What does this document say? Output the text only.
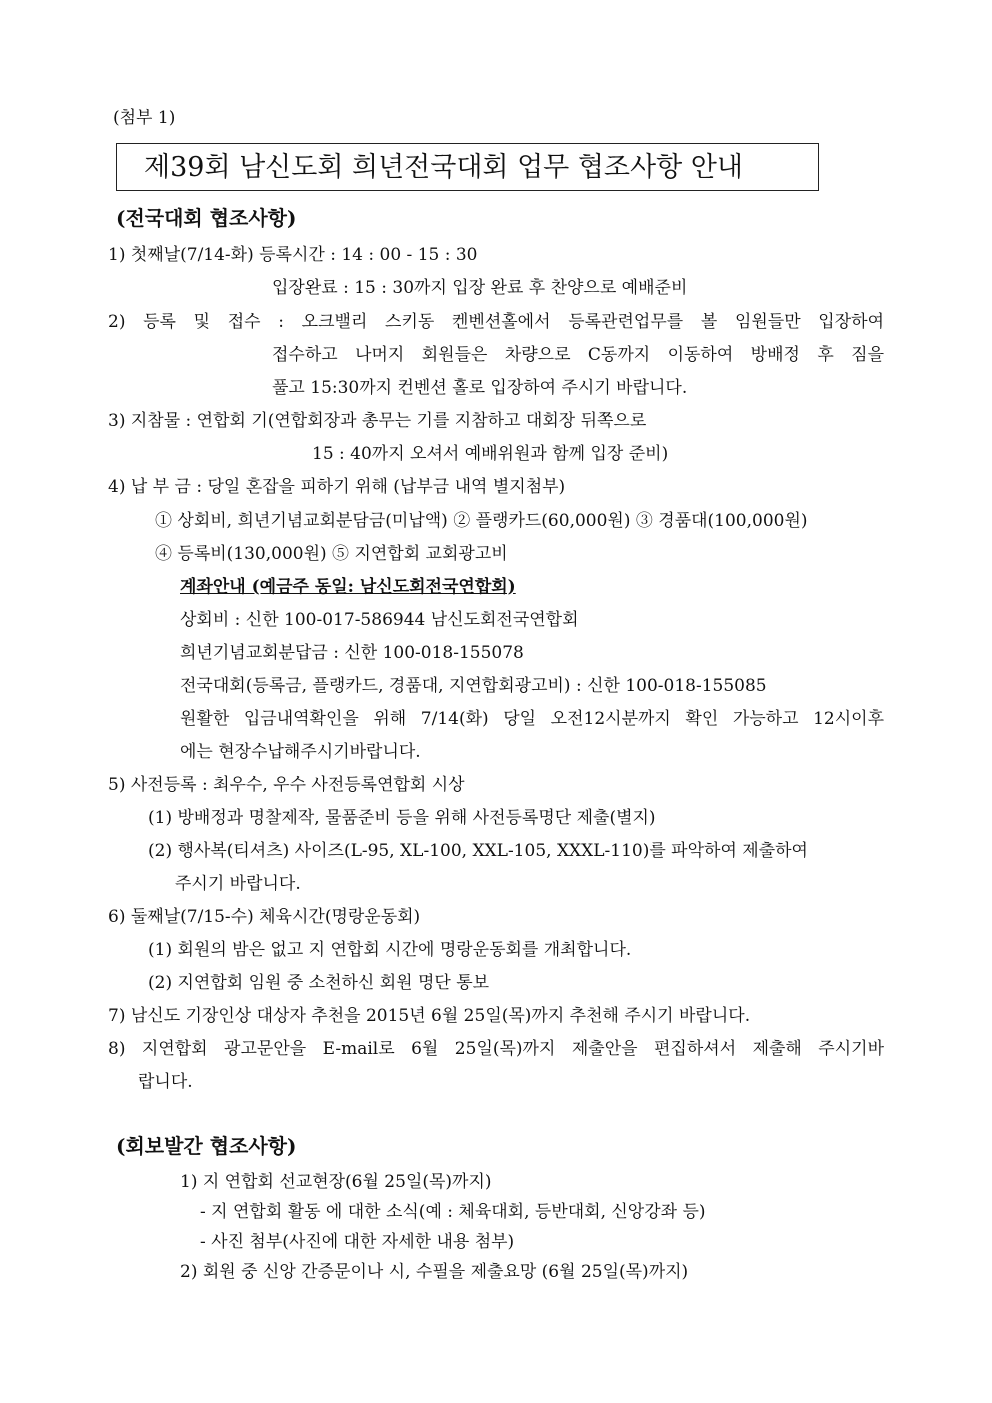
(첨부 1)
제39회 남신도회 희년전국대회 업무 협조사항 안내
(전국대회 협조사항)
1) 첫째날(7/14-화) 등록시간 : 14 : 00 - 15 : 30
입장완료 : 15 : 30까지 입장 완료 후 찬양으로 예배준비
2) 등록 및 접수 : 오크밸리 스키동 켄벤션홀에서 등록관련업무를 볼 임원들만 입장하여
접수하고 나머지 회원들은 차량으로 C동까지 이동하여 방배정 후 짐을
풀고 15:30까지 컨벤션 홀로 입장하여 주시기 바랍니다.
3) 지참물 : 연합회 기(연합회장과 총무는 기를 지참하고 대회장 뒤쪽으로
15 : 40까지 오셔서 예배위원과 함께 입장 준비)
4) 납 부 금 : 당일 혼잡을 피하기 위해 (납부금 내역 별지첨부)
① 상회비, 희년기념교회분담금(미납액) ② 플랭카드(60,000원) ③ 경품대(100,000원)
④ 등록비(130,000원) ⑤ 지연합회 교회광고비
계좌안내 (예금주 동일: 남신도회전국연합회)
상회비 : 신한 100-017-586944 남신도회전국연합회
희년기념교회분답금 : 신한 100-018-155078
전국대회(등록금, 플랭카드, 경품대, 지연합회광고비) : 신한 100-018-155085
원활한 입금내역확인을 위해 7/14(화) 당일 오전12시분까지 확인 가능하고 12시이후
에는 현장수납해주시기바랍니다.
5) 사전등록 : 최우수, 우수 사전등록연합회 시상
(1) 방배정과 명찰제작, 물품준비 등을 위해 사전등록명단 제출(별지)
(2) 행사복(티셔츠) 사이즈(L-95, XL-100, XXL-105, XXXL-110)를 파악하여 제출하여
주시기 바랍니다.
6) 둘째날(7/15-수) 체육시간(명랑운동회)
(1) 회원의 밤은 없고 지 연합회 시간에 명랑운동회를 개최합니다.
(2) 지연합회 임원 중 소천하신 회원 명단 통보
7) 남신도 기장인상 대상자 추천을 2015년 6월 25일(목)까지 추천해 주시기 바랍니다.
8) 지연합회 광고문안을 E-mail로 6월 25일(목)까지 제출안을 편집하셔서 제출해 주시기바
랍니다.
(회보발간 협조사항)
1) 지 연합회 선교현장(6월 25일(목)까지)
- 지 연합회 활동 에 대한 소식(예 : 체육대회, 등반대회, 신앙강좌 등)
- 사진 첨부(사진에 대한 자세한 내용 첨부)
2) 회원 중 신앙 간증문이나 시, 수필을 제출요망 (6월 25일(목)까지)
